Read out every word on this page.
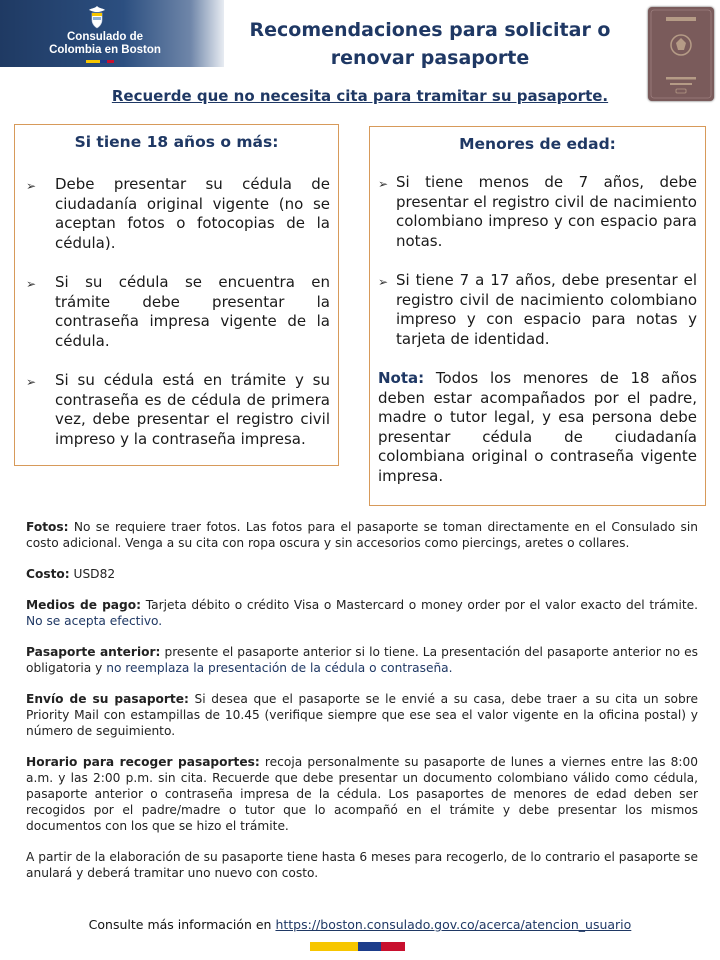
Consulado de
Colombia en Boston
Recomendaciones para solicitar o renovar pasaporte
Recuerde que no necesita cita para tramitar su pasaporte.
Si tiene 18 años o más:
➢ Debe presentar su cédula de ciudadanía original vigente (no se aceptan fotos o fotocopias de la cédula).
➢ Si su cédula se encuentra en trámite debe presentar la contraseña impresa vigente de la cédula.
➢ Si su cédula está en trámite y su contraseña es de cédula de primera vez, debe presentar el registro civil impreso y la contraseña impresa.
Menores de edad:
➢ Si tiene menos de 7 años, debe presentar el registro civil de nacimiento colombiano impreso y con espacio para notas.
➢ Si tiene 7 a 17 años, debe presentar el registro civil de nacimiento colombiano impreso y con espacio para notas y tarjeta de identidad.

Nota: Todos los menores de 18 años deben estar acompañados por el padre, madre o tutor legal, y esa persona debe presentar cédula de ciudadanía colombiana original o contraseña vigente impresa.

Fotos: No se requiere traer fotos. Las fotos para el pasaporte se toman directamente en el Consulado sin costo adicional. Venga a su cita con ropa oscura y sin accesorios como piercings, aretes o collares.

Costo: USD82

Medios de pago: Tarjeta débito o crédito Visa o Mastercard o money order por el valor exacto del trámite. No se acepta efectivo.

Pasaporte anterior: presente el pasaporte anterior si lo tiene. La presentación del pasaporte anterior no es obligatoria y no reemplaza la presentación de la cédula o contraseña.

Envío de su pasaporte: Si desea que el pasaporte se le envié a su casa, debe traer a su cita un sobre Priority Mail con estampillas de 10.45 (verifique siempre que ese sea el valor vigente en la oficina postal) y número de seguimiento.

Horario para recoger pasaportes: recoja personalmente su pasaporte de lunes a viernes entre las 8:00 a.m. y las 2:00 p.m. sin cita. Recuerde que debe presentar un documento colombiano válido como cédula, pasaporte anterior o contraseña impresa de la cédula. Los pasaportes de menores de edad deben ser recogidos por el padre/madre o tutor que lo acompañó en el trámite y debe presentar los mismos documentos con los que se hizo el trámite.

A partir de la elaboración de su pasaporte tiene hasta 6 meses para recogerlo, de lo contrario el pasaporte se anulará y deberá tramitar uno nuevo con costo.

Consulte más información en https://boston.consulado.gov.co/acerca/atencion_usuario
